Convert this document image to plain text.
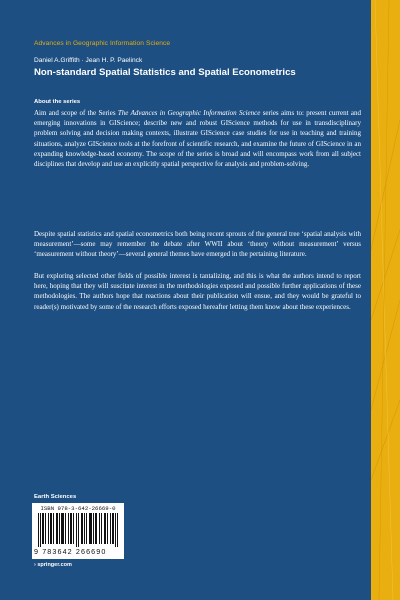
Advances in Geographic Information Science
Daniel A.Griffith · Jean H. P. Paelinck
Non-standard Spatial Statistics and Spatial Econometrics
About the series
Aim and scope of the Series The Advances in Geographic Information Science series aims to: present current and emerging innovations in GIScience; describe new and robust GIScience methods for use in transdisciplinary problem solving and decision making contexts, illustrate GIScience case studies for use in teaching and training situations, analyze GIScience tools at the forefront of scientific research, and examine the future of GIScience in an expanding knowledge-based economy. The scope of the series is broad and will encompass work from all subject disciplines that develop and use an explicitly spatial perspective for analysis and problem-solving.
Despite spatial statistics and spatial econometrics both being recent sprouts of the general tree ‘spatial analysis with measurement’—some may remember the debate after WWII about ‘theory without measurement’ versus ‘measurement without theory’—several general themes have emerged in the pertaining literature.
But exploring selected other fields of possible interest is tantalizing, and this is what the authors intend to report here, hoping that they will suscitate interest in the methodologies exposed and possible further applications of these methodologies. The authors hope that reactions about their publication will ensue, and they would be grateful to reader(s) motivated by some of the research efforts exposed hereafter letting them know about these experiences.
Earth Sciences
ISBN 978-3-642-26669-0
9 783642 266690
› springer.com
